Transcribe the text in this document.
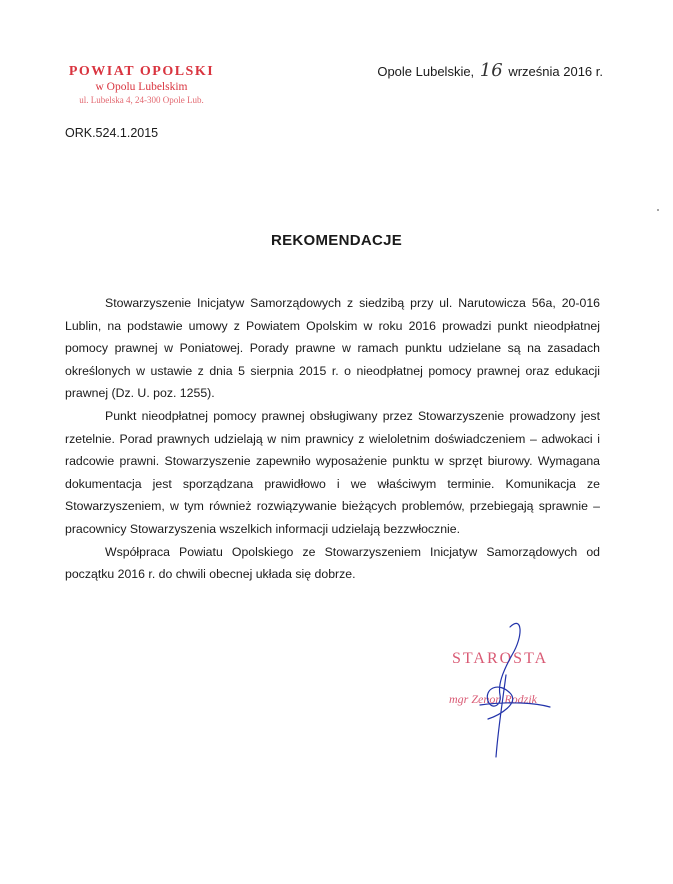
POWIAT OPOLSKI
w Opolu Lubelskim
ul. Lubelska 4, 24-300 Opole Lub.
Opole Lubelskie, 16 września 2016 r.
ORK.524.1.2015
REKOMENDACJE

Stowarzyszenie Inicjatyw Samorządowych z siedzibą przy ul. Narutowicza 56a, 20-016 Lublin, na podstawie umowy z Powiatem Opolskim w roku 2016 prowadzi punkt nieodpłatnej pomocy prawnej w Poniatowej. Porady prawne w ramach punktu udzielane są na zasadach określonych w ustawie z dnia 5 sierpnia 2015 r. o nieodpłatnej pomocy prawnej oraz edukacji prawnej (Dz. U. poz. 1255).

Punkt nieodpłatnej pomocy prawnej obsługiwany przez Stowarzyszenie prowadzony jest rzetelnie. Porad prawnych udzielają w nim prawnicy z wieloletnim doświadczeniem – adwokaci i radcowie prawni. Stowarzyszenie zapewniło wyposażenie punktu w sprzęt biurowy. Wymagana dokumentacja jest sporządzana prawidłowo i we właściwym terminie. Komunikacja ze Stowarzyszeniem, w tym również rozwiązywanie bieżących problemów, przebiegają sprawnie – pracownicy Stowarzyszenia wszelkich informacji udzielają bezzwłocznie.

Współpraca Powiatu Opolskiego ze Stowarzyszeniem Inicjatyw Samorządowych od początku 2016 r. do chwili obecnej układa się dobrze.

STAROSTA
mgr Zenon Rodzik
